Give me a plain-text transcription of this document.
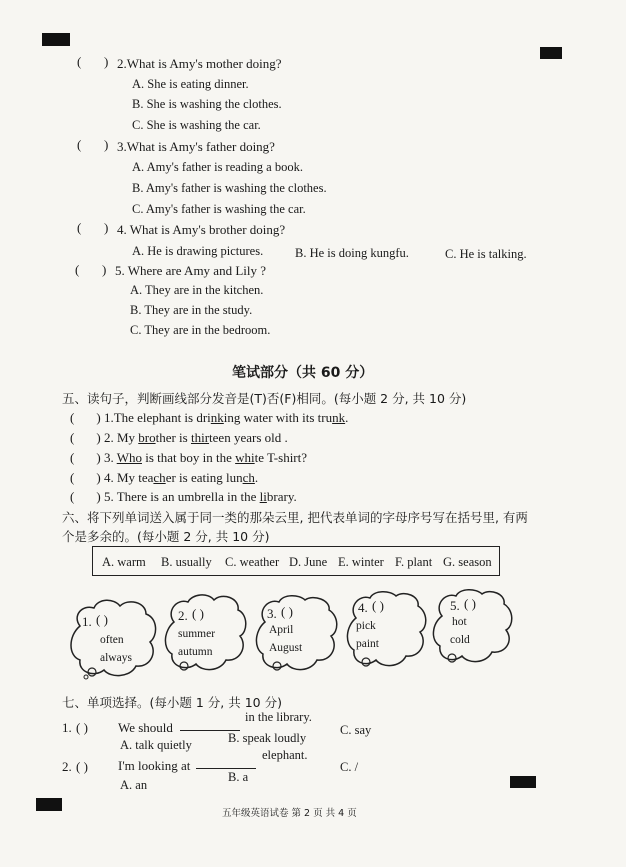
( ) 2.What is Amy's mother doing?
A. She is eating dinner.
B. She is washing the clothes.
C. She is washing the car.
( ) 3.What is Amy's father doing?
A. Amy's father is reading a book.
B. Amy's father is washing the clothes.
C. Amy's father is washing the car.
( ) 4. What is Amy's brother doing?
A. He is drawing pictures.	B. He is doing kungfu.	C. He is talking.
( ) 5. Where are Amy and Lily ?
A. They are in the kitchen.
B. They are in the study.
C. They are in the bedroom.
笔试部分（共 60 分）
五、读句子，判断画线部分发音是(T)否(F)相同。(每小题 2 分, 共 10 分)
( ) 1.The elephant is drinking water with its trunk.
( ) 2. My brother is thirteen years old .
( ) 3. Who is that boy in the white T-shirt?
( ) 4. My teacher is eating lunch.
( ) 5. There is an umbrella in the library.
六、将下列单词送入属于同一类的那朵云里, 把代表单词的字母序号写在括号里, 有两
个是多余的。(每小题 2 分, 共 10 分)
A. warm B. usually C. weather D. June E. winter F. plant G. season
1. ( )
often
always
2. ( )
summer
autumn
3. ( )
April
August
4. ( )
pick
paint
5. ( )
hot
cold
七、单项选择。(每小题 1 分, 共 10 分)
1. ( ) We should
in the library.
C. say
A. talk quietly	B. speak loudly
2. ( ) I'm looking at
elephant.
C. /
A. an
B. a
五年级英语试卷 第 2 页 共 4 页
